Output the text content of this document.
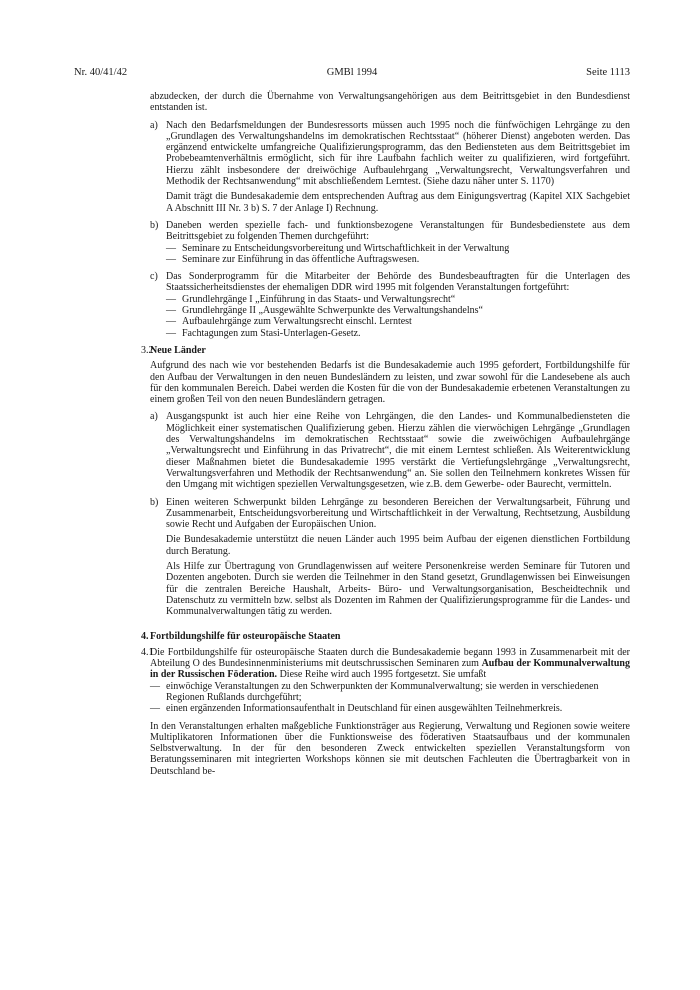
Nr. 40/41/42	GMBl 1994	Seite 1113

abzudecken, der durch die Übernahme von Verwaltungsangehörigen aus dem Beitrittsgebiet in den Bundesdienst entstanden ist.

a) Nach den Bedarfsmeldungen der Bundesressorts müssen auch 1995 noch die fünfwöchigen Lehrgänge zu den „Grundlagen des Verwaltungshandelns im demokratischen Rechtsstaat“ (höherer Dienst) angeboten werden. Das ergänzend entwickelte umfangreiche Qualifizierungsprogramm, das den Bediensteten aus dem Beitrittsgebiet im Probebeamtenverhältnis ermöglicht, sich für ihre Laufbahn fachlich weiter zu qualifizieren, wird fortgeführt. Hierzu zählt insbesondere der dreiwöchige Aufbaulehrgang „Verwaltungsrecht, Verwaltungsverfahren und Methodik der Rechtsanwendung“ mit abschließendem Lerntest. (Siehe dazu näher unter S. 1170)

Damit trägt die Bundesakademie dem entsprechenden Auftrag aus dem Einigungsvertrag (Kapitel XIX Sachgebiet A Abschnitt III Nr. 3 b) S. 7 der Anlage I) Rechnung.

b) Daneben werden spezielle fach- und funktionsbezogene Veranstaltungen für Bundesbedienstete aus dem Beitrittsgebiet zu folgenden Themen durchgeführt:

— Seminare zu Entscheidungsvorbereitung und Wirtschaftlichkeit in der Verwaltung
— Seminare zur Einführung in das öffentliche Auftragswesen.
c) Das Sonderprogramm für die Mitarbeiter der Behörde des Bundesbeauftragten für die Unterlagen des Staatssicherheitsdienstes der ehemaligen DDR wird 1995 mit folgenden Veranstaltungen fortgeführt:

— Grundlehrgänge I „Einführung in das Staats- und Verwaltungsrecht“
— Grundlehrgänge II „Ausgewählte Schwerpunkte des Verwaltungshandelns“
— Aufbaulehrgänge zum Verwaltungsrecht einschl. Lerntest
— Fachtagungen zum Stasi-Unterlagen-Gesetz.
3.2
Neue Länder

Aufgrund des nach wie vor bestehenden Bedarfs ist die Bundesakademie auch 1995 gefordert, Fortbildungshilfe für den Aufbau der Verwaltungen in den neuen Bundesländern zu leisten, und zwar sowohl für die Landesebene als auch für den kommunalen Bereich. Dabei werden die Kosten für die von der Bundesakademie erbetenen Veranstaltungen zu einem großen Teil von den neuen Bundesländern getragen.

a) Ausgangspunkt ist auch hier eine Reihe von Lehrgängen, die den Landes- und Kommunalbediensteten die Möglichkeit einer systematischen Qualifizierung geben. Hierzu zählen die vierwöchigen Lehrgänge „Grundlagen des Verwaltungshandelns im demokratischen Rechtsstaat“ sowie die zweiwöchigen Aufbaulehrgänge „Verwaltungsrecht und Einführung in das Privatrecht“, die mit einem Lerntest schließen. Als Weiterentwicklung dieser Maßnahmen bietet die Bundesakademie 1995 verstärkt die Vertiefungslehrgänge „Verwaltungsrecht, Verwaltungsverfahren und Methodik der Rechtsanwendung“ an. Sie sollen den Teilnehmern konkretes Wissen für den Umgang mit wichtigen speziellen Verwaltungsgesetzen, wie z.B. dem Gewerbe- oder Baurecht, vermitteln.

b) Einen weiteren Schwerpunkt bilden Lehrgänge zu besonderen Bereichen der Verwaltungsarbeit, Führung und Zusammenarbeit, Entscheidungsvorbereitung und Wirtschaftlichkeit in der Verwaltung, Rechtsetzung, Ausbildung sowie Recht und Aufgaben der Europäischen Union.

Die Bundesakademie unterstützt die neuen Länder auch 1995 beim Aufbau der eigenen dienstlichen Fortbildung durch Beratung.

Als Hilfe zur Übertragung von Grundlagenwissen auf weitere Personenkreise werden Seminare für Tutoren und Dozenten angeboten. Durch sie werden die Teilnehmer in den Stand gesetzt, Grundlagenwissen bei Einweisungen für die zentralen Bereiche Haushalt, Arbeits- Büro- und Verwaltungsorganisation, Bescheidtechnik und Datenschutz zu vermitteln bzw. selbst als Dozenten im Rahmen der Qualifizierungsprogramme für die Landes- und Kommunalverwaltungen tätig zu werden.

4. Fortbildungshilfe für osteuropäische Staaten
4.1

Die Fortbildungshilfe für osteuropäische Staaten durch die Bundesakademie begann 1993 in Zusammenarbeit mit der Abteilung O des Bundesinnenministeriums mit deutschrussischen Seminaren zum Aufbau der Kommunalverwaltung in der Russischen Föderation. Diese Reihe wird auch 1995 fortgesetzt. Sie umfaßt

— einwöchige Veranstaltungen zu den Schwerpunkten der Kommunalverwaltung; sie werden in verschiedenen Regionen Rußlands durchgeführt;
— einen ergänzenden Informationsaufenthalt in Deutschland für einen ausgewählten Teilnehmerkreis.

In den Veranstaltungen erhalten maßgebliche Funktionsträger aus Regierung, Verwaltung und Regionen sowie weitere Multiplikatoren Informationen über die Funktionsweise des föderativen Staatsaufbaus und der kommunalen Selbstverwaltung. In der für den besonderen Zweck entwickelten speziellen Veranstaltungsform von Beratungsseminaren mit integrierten Workshops können sie mit deutschen Fachleuten die Übertragbarkeit von in Deutschland be-
